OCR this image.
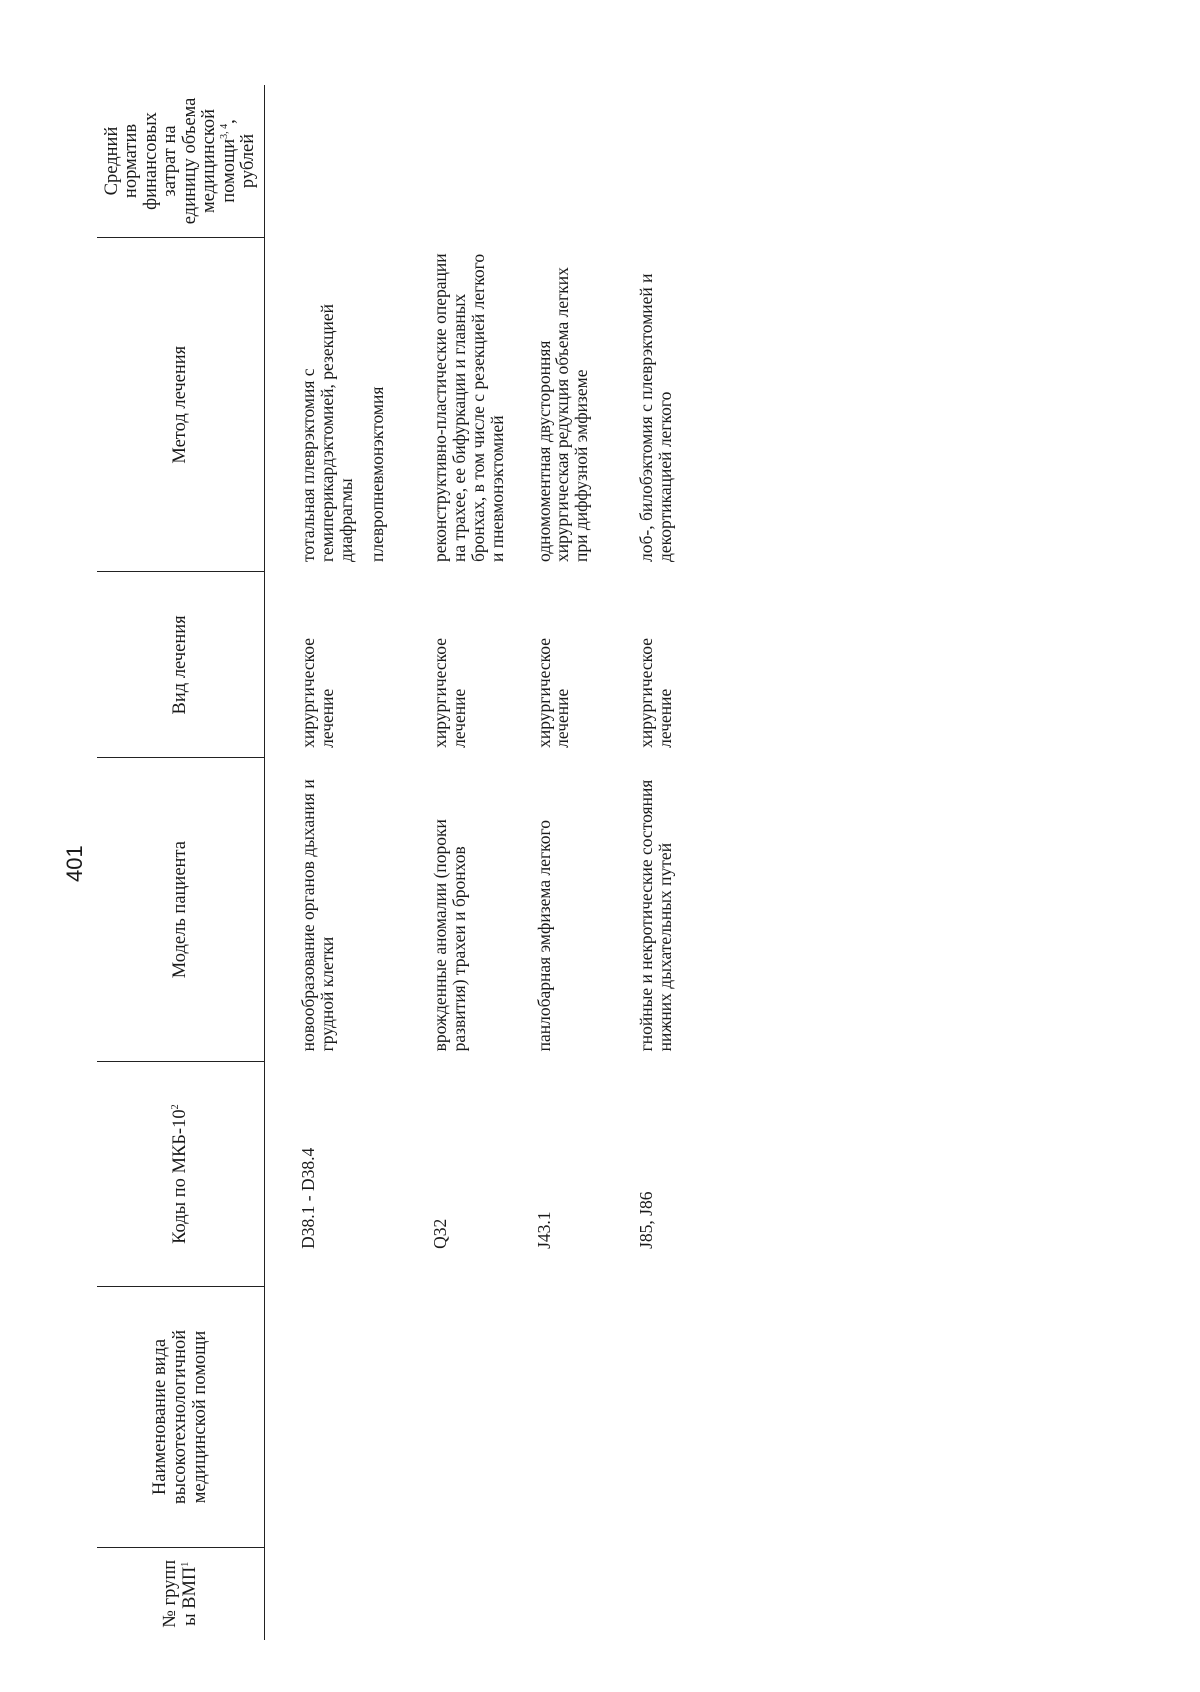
401
№ групп ы ВМП$^1$	Наименование вида высокотехнологичной медицинской помощи	Коды по МКБ-$10^2$	Модель пациента	Вид лечения	Метод лечения	Средний норматив финансовых затрат на единицу объема медицинской помощи$^{3, 4}$, рублей

		D38.1 - D38.4	новообразование органов дыхания и грудной клетки	хирургическое лечение	тотальная плеврэктомия с гемиперикардэктомией, резекцией диафрагмы	
					плевропневмонэктомия	
		Q32	врожденные аномалии (пороки развития) трахеи и бронхов	хирургическое лечение	реконструктивно-пластические операции на трахее, ее бифуркации и главных бронхах, в том числе с резекцией легкого и пневмонэктомией	
		J43.1	панлобарная эмфизема легкого	хирургическое лечение	одномоментная двусторонняя хирургическая редукция объема легких при диффузной эмфиземе	
		J85, J86	гнойные и некротические состояния нижних дыхательных путей	хирургическое лечение	лоб-, билобэктомия с плеврэктомией и декортикацией легкого	
